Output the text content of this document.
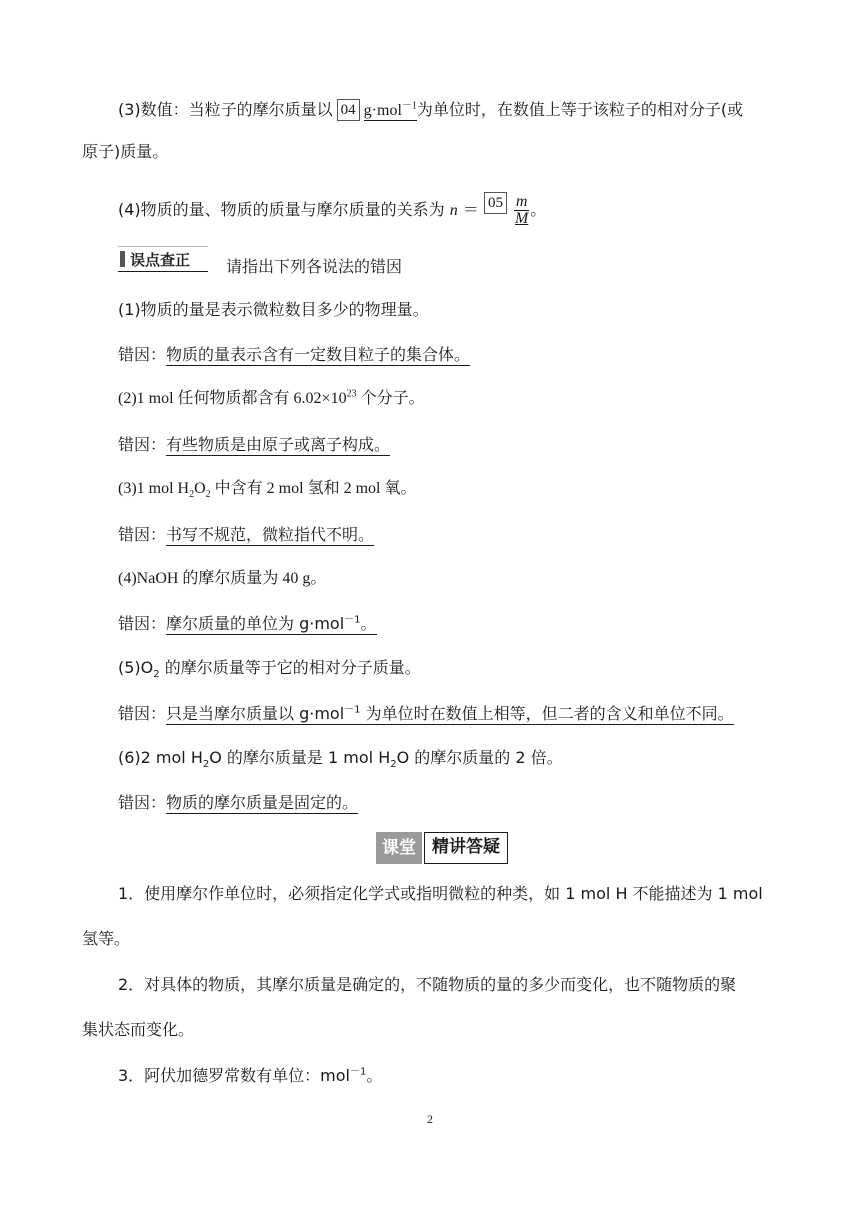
(3)数值：当粒子的摩尔质量以 04 g·mol$^{-1}$为单位时，在数值上等于该粒子的相对分子(或
原子)质量。
(4)物质的量、物质的质量与摩尔质量的关系为 $n = 05 \frac{m}{M}$ 。
误点查正 请指出下列各说法的错因
(1)物质的量是表示微粒数目多少的物理量。
错因：物质的量表示含有一定数目粒子的集合体。
(2)1 mol 任何物质都含有 $6.02\times 10^{23}$ 个分子。
错因：有些物质是由原子或离子构成。
(3)1 mol $H_2O_2$ 中含有 2 mol 氢和 2 mol 氧。
错因：书写不规范，微粒指代不明。
(4)NaOH 的摩尔质量为 40 g。
错因：摩尔质量的单位为 g·mol$^{-1}$。
$(5)O_2$ 的摩尔质量等于它的相对分子质量。
错因：只是当摩尔质量以 g·mol$^{-1}$ 为单位时在数值上相等，但二者的含义和单位不同。
(6)2 mol $H_2O$ 的摩尔质量是 1 mol $H_2O$ 的摩尔质量的 2 倍。
错因：物质的摩尔质量是固定的。
课堂 精讲答疑
1．使用摩尔作单位时，必须指定化学式或指明微粒的种类，如 1 mol H 不能描述为 1 mol
氢等。
2．对具体的物质，其摩尔质量是确定的，不随物质的量的多少而变化，也不随物质的聚
集状态而变化。
3．阿伏加德罗常数有单位：mol$^{-1}$。
2
